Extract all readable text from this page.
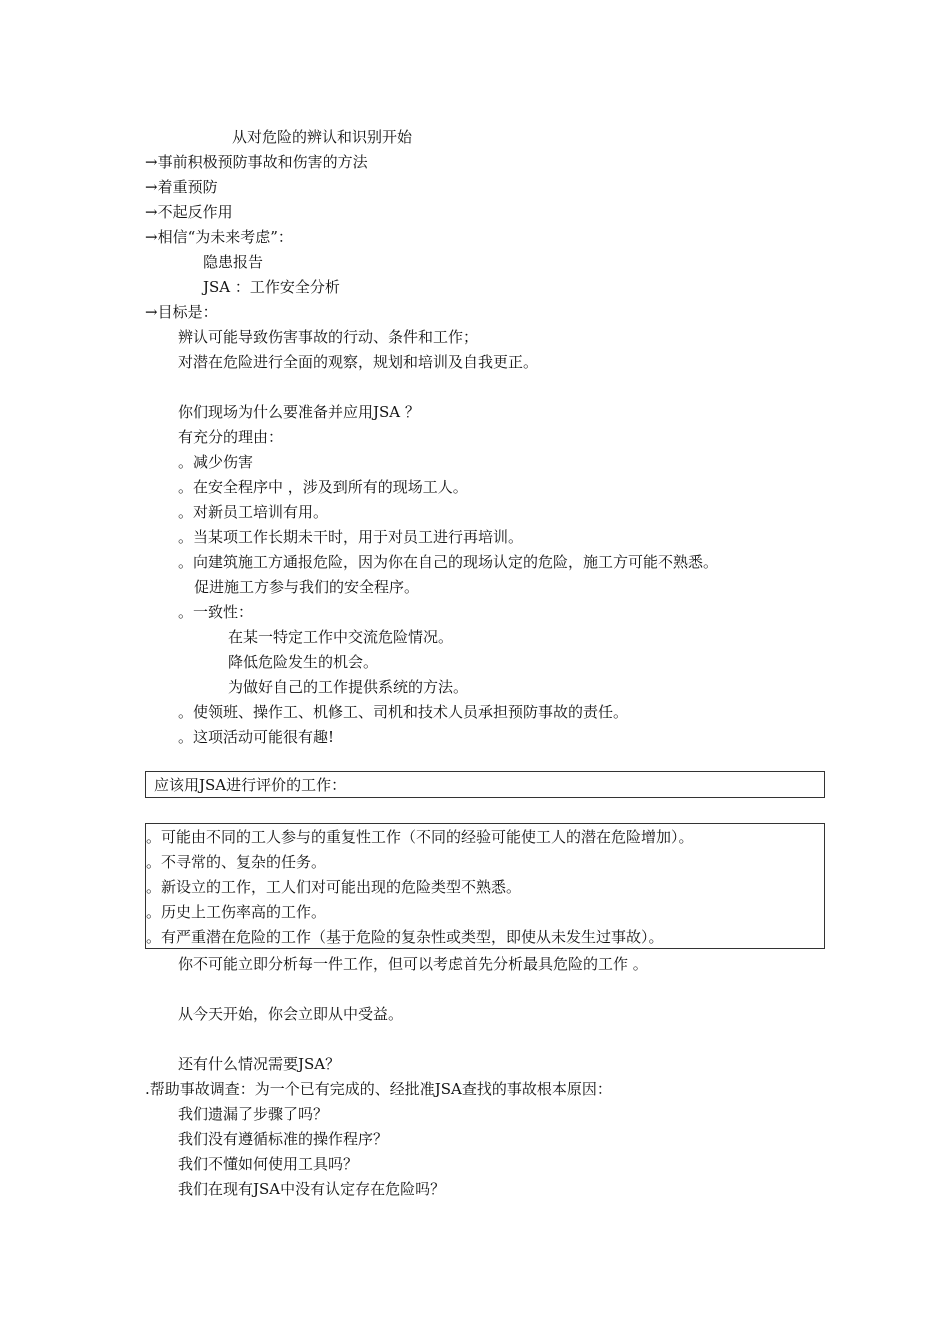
从对危险的辨认和识别开始
→事前积极预防事故和伤害的方法
→着重预防
→不起反作用
→相信“为未来考虑”：
隐患报告
JSA ：工作安全分析
→目标是：
辨认可能导致伤害事故的行动、条件和工作；
对潜在危险进行全面的观察，规划和培训及自我更正。
你们现场为什么要准备并应用JSA ？
有充分的理由：
。减少伤害
。在安全程序中 ，涉及到所有的现场工人。
。对新员工培训有用。
。当某项工作长期未干时，用于对员工进行再培训。
。向建筑施工方通报危险，因为你在自己的现场认定的危险，施工方可能不熟悉。
促进施工方参与我们的安全程序。
。一致性：
在某一特定工作中交流危险情况。
降低危险发生的机会。
为做好自己的工作提供系统的方法。
。使领班、操作工、机修工、司机和技术人员承担预防事故的责任。
。这项活动可能很有趣!
应该用JSA进行评价的工作：
。可能由不同的工人参与的重复性工作（不同的经验可能使工人的潜在危险增加）。
。不寻常的、复杂的任务。
。新设立的工作，工人们对可能出现的危险类型不熟悉。
。历史上工伤率高的工作。
。有严重潜在危险的工作（基于危险的复杂性或类型，即使从未发生过事故）。
你不可能立即分析每一件工作，但可以考虑首先分析最具危险的工作 。
从今天开始，你会立即从中受益。
还有什么情况需要JSA？
.帮助事故调查：为一个已有完成的、经批准JSA查找的事故根本原因：
我们遗漏了步骤了吗？
我们没有遵循标准的操作程序？
我们不懂如何使用工具吗？
我们在现有JSA中没有认定存在危险吗？
